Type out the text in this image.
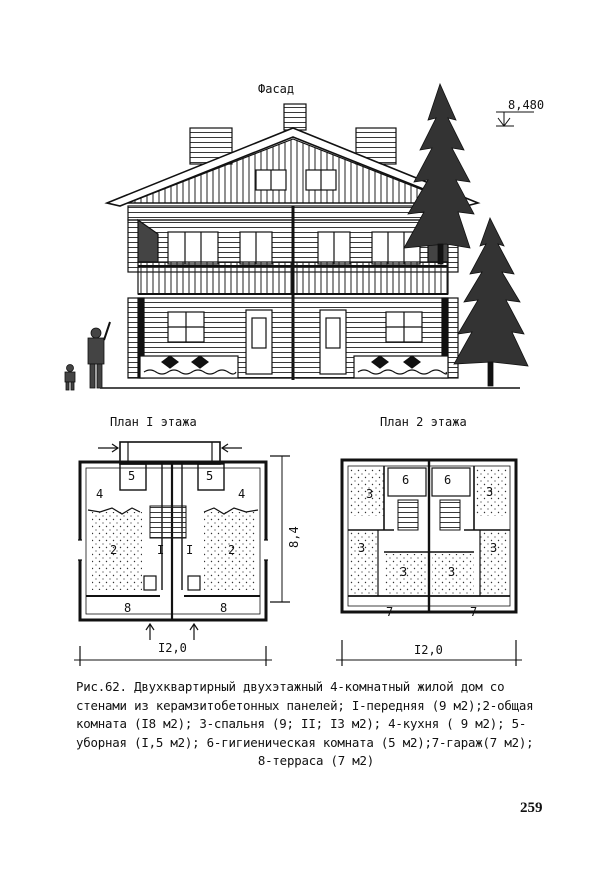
Фасад
8,480
План I этажа	План 2 этажа
8,4
I2,0	I2,0
I I
2	2
4	4
5	5
8	8
3	3
3	3
3	3
6	6
7	7
Рис.62. Двухквартирный двухэтажный 4-комнатный жилой дом со
стенами из керамзитобетонных панелей; I-передняя (9 м2);2-общая
комната (I8 м2); 3-спальня (9; II; I3 м2); 4-кухня ( 9 м2); 5-
уборная (I,5 м2); 6-гигиеническая комната (5 м2);7-гараж(7 м2);
8-терраса (7 м2)
259
